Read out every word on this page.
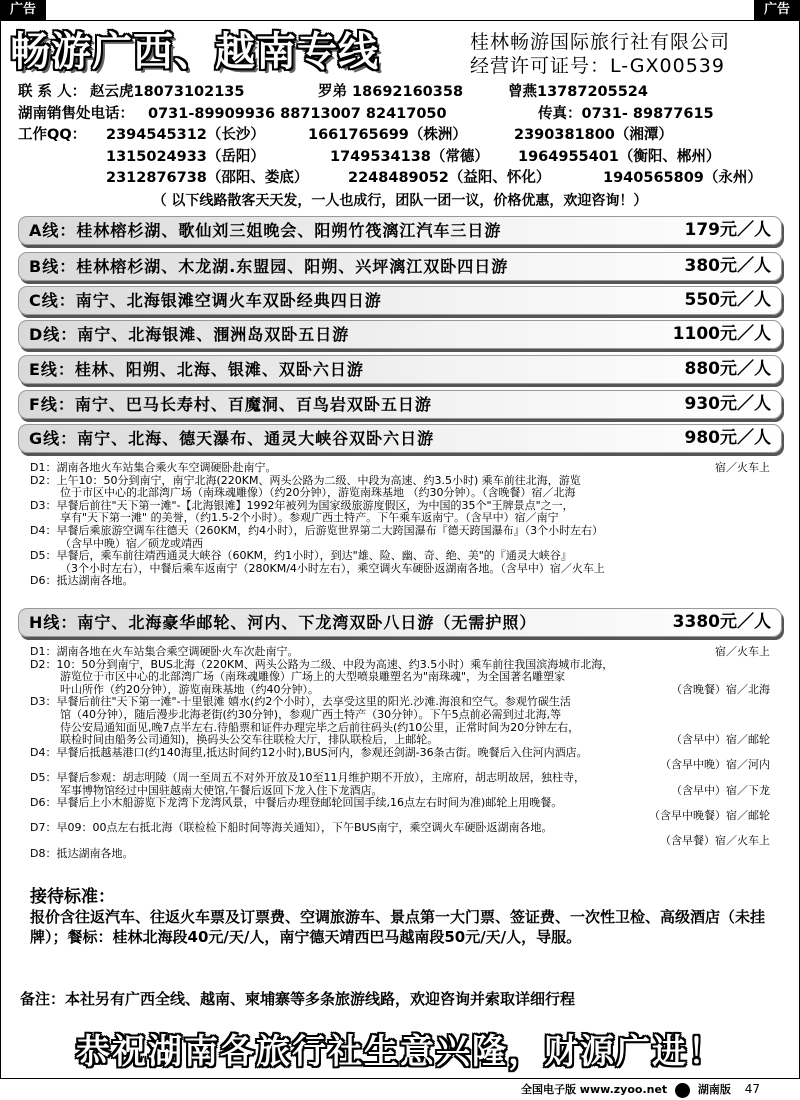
广告	广告
畅游广西、越南专线	桂林畅游国际旅行社有限公司
经营许可证号：L-GX00539
联 系 人： 赵云虎18073102135	罗弟 18692160358	曾燕13787205524
湖南销售处电话： 0731-89909936 88713007 82417050	传真：0731- 89877615
工作QQ： 2394545312（长沙）	1661765699（株洲）	2390381800（湘潭）
1315024933（岳阳）	1749534138（常德） 1964955401（衡阳、郴州）
2312876738（邵阳、娄底）	2248489052（益阳、怀化）	1940565809（永州）
（ 以下线路散客天天发，一人也成行，团队一团一议，价格优惠，欢迎咨询！）
A线：桂林榕杉湖、歌仙刘三姐晚会、阳朔竹筏漓江汽车三日游	179元／人
B线：桂林榕杉湖、木龙湖.东盟园、阳朔、兴坪漓江双卧四日游	380元／人
C线：南宁、北海银滩空调火车双卧经典四日游	550元／人
D线：南宁、北海银滩、涠洲岛双卧五日游	1100元／人
E线：桂林、阳朔、北海、银滩、双卧六日游	880元／人
F线：南宁、巴马长寿村、百魔洞、百鸟岩双卧五日游	930元／人
G线：南宁、北海、德天瀑布、通灵大峡谷双卧六日游	980元／人
D1：湖南各地火车站集合乘火车空调硬卧赴南宁。	宿／火车上
D2：上午10：50分到南宁，南宁北海(220KM、两头公路为二级、中段为高速、约3.5小时) 乘车前往北海，游览
位于市区中心的北部湾广场（南珠魂雕像）（约20分钟），游览南珠基地 （约30分钟）。（含晚餐）宿／北海
D3：早餐后前往"天下第一滩"-【北海银滩】1992年被列为国家级旅游度假区，为中国的35个"王牌景点"之一，
享有"天下第一滩" 的美誉，（约1.5-2个小时）。参观广西土特产。下午乘车返南宁。（含早中）宿／南宁
D4：早餐后乘旅游空调车往德天（260KM，约4小时），后游览世界第二大跨国瀑布『德天跨国瀑布』（3个小时左右）
（含早中晚）宿／硕龙或靖西
D5：早餐后，乘车前往靖西通灵大峡谷（60KM，约1小时），到达"雄、险、幽、奇、绝、美"的『通灵大峡谷』
（3个小时左右），中餐后乘车返南宁（280KM/4小时左右），乘空调火车硬卧返湖南各地。（含早中）宿／火车上
D6：抵达湖南各地。
H线：南宁、北海豪华邮轮、河内、下龙湾双卧八日游（无需护照）	3380元／人
D1：湖南各地在火车站集合乘空调硬卧火车次赴南宁。	宿／火车上
D2：10：50分到南宁，BUS北海（220KM、两头公路为二级、中段为高速、约3.5小时）乘车前往我国滨海城市北海，
游览位于市区中心的北部湾广场（南珠魂雕像）广场上的大型喷泉雕塑名为"南珠魂"，为全国著名雕塑家
叶山所作（约20分钟），游览南珠基地（约40分钟）。	（含晚餐）宿／北海
D3：早餐后前往"天下第一滩"-十里银滩 嬉水(约2个小时），去享受这里的阳光.沙滩.海浪和空气。参观竹碳生活
馆（40分钟），随后漫步北海老街(约30分钟)，参观广西土特产（30分钟）。下午5点前必需到过北海,等
侍公安局通知面见,晚7点半左右.待船票和证件办理完毕之后前往码头(约10公里，正常时间为20分钟左右，
联检时间由船务公司通知)，换码头公交车往联检大厅，排队联检后，上邮轮。	（含早中）宿／邮轮
D4：早餐后抵越基港口(约140海里,抵达时间约12小时),BUS河内，参观还剑湖-36条古街。晚餐后入住河内酒店。
（含早中晚）宿／河内
D5：早餐后参观：胡志明陵（周一至周五不对外开放及10至11月维护期不开放），主席府，胡志明故居，独柱寺，
军事博物馆经过中国驻越南大使馆,午餐后返回下龙入住下龙酒店。	（含早中）宿／下龙
D6：早餐后上小木船游览下龙湾下龙湾风景，中餐后办理登邮轮回国手续,16点左右时间为准)邮轮上用晚餐。
（含早中晚餐）宿／邮轮
D7：早09：00点左右抵北海（联检检下船时间等海关通知），下午BUS南宁，乘空调火车硬卧返湖南各地。
（含早餐）宿／火车上
D8：抵达湖南各地。
接待标准：
报价含往返汽车、往返火车票及订票费、空调旅游车、景点第一大门票、签证费、一次性卫检、高级酒店（未挂牌）；餐标：桂林北海段40元/天/人，南宁德天靖西巴马越南段50元/天/人，导服。
备注：本社另有广西全线、越南、柬埔寨等多条旅游线路，欢迎咨询并索取详细行程
恭祝湖南各旅行社生意兴隆，财源广进！
全国电子版 www.zyoo.net	湖南版 47
